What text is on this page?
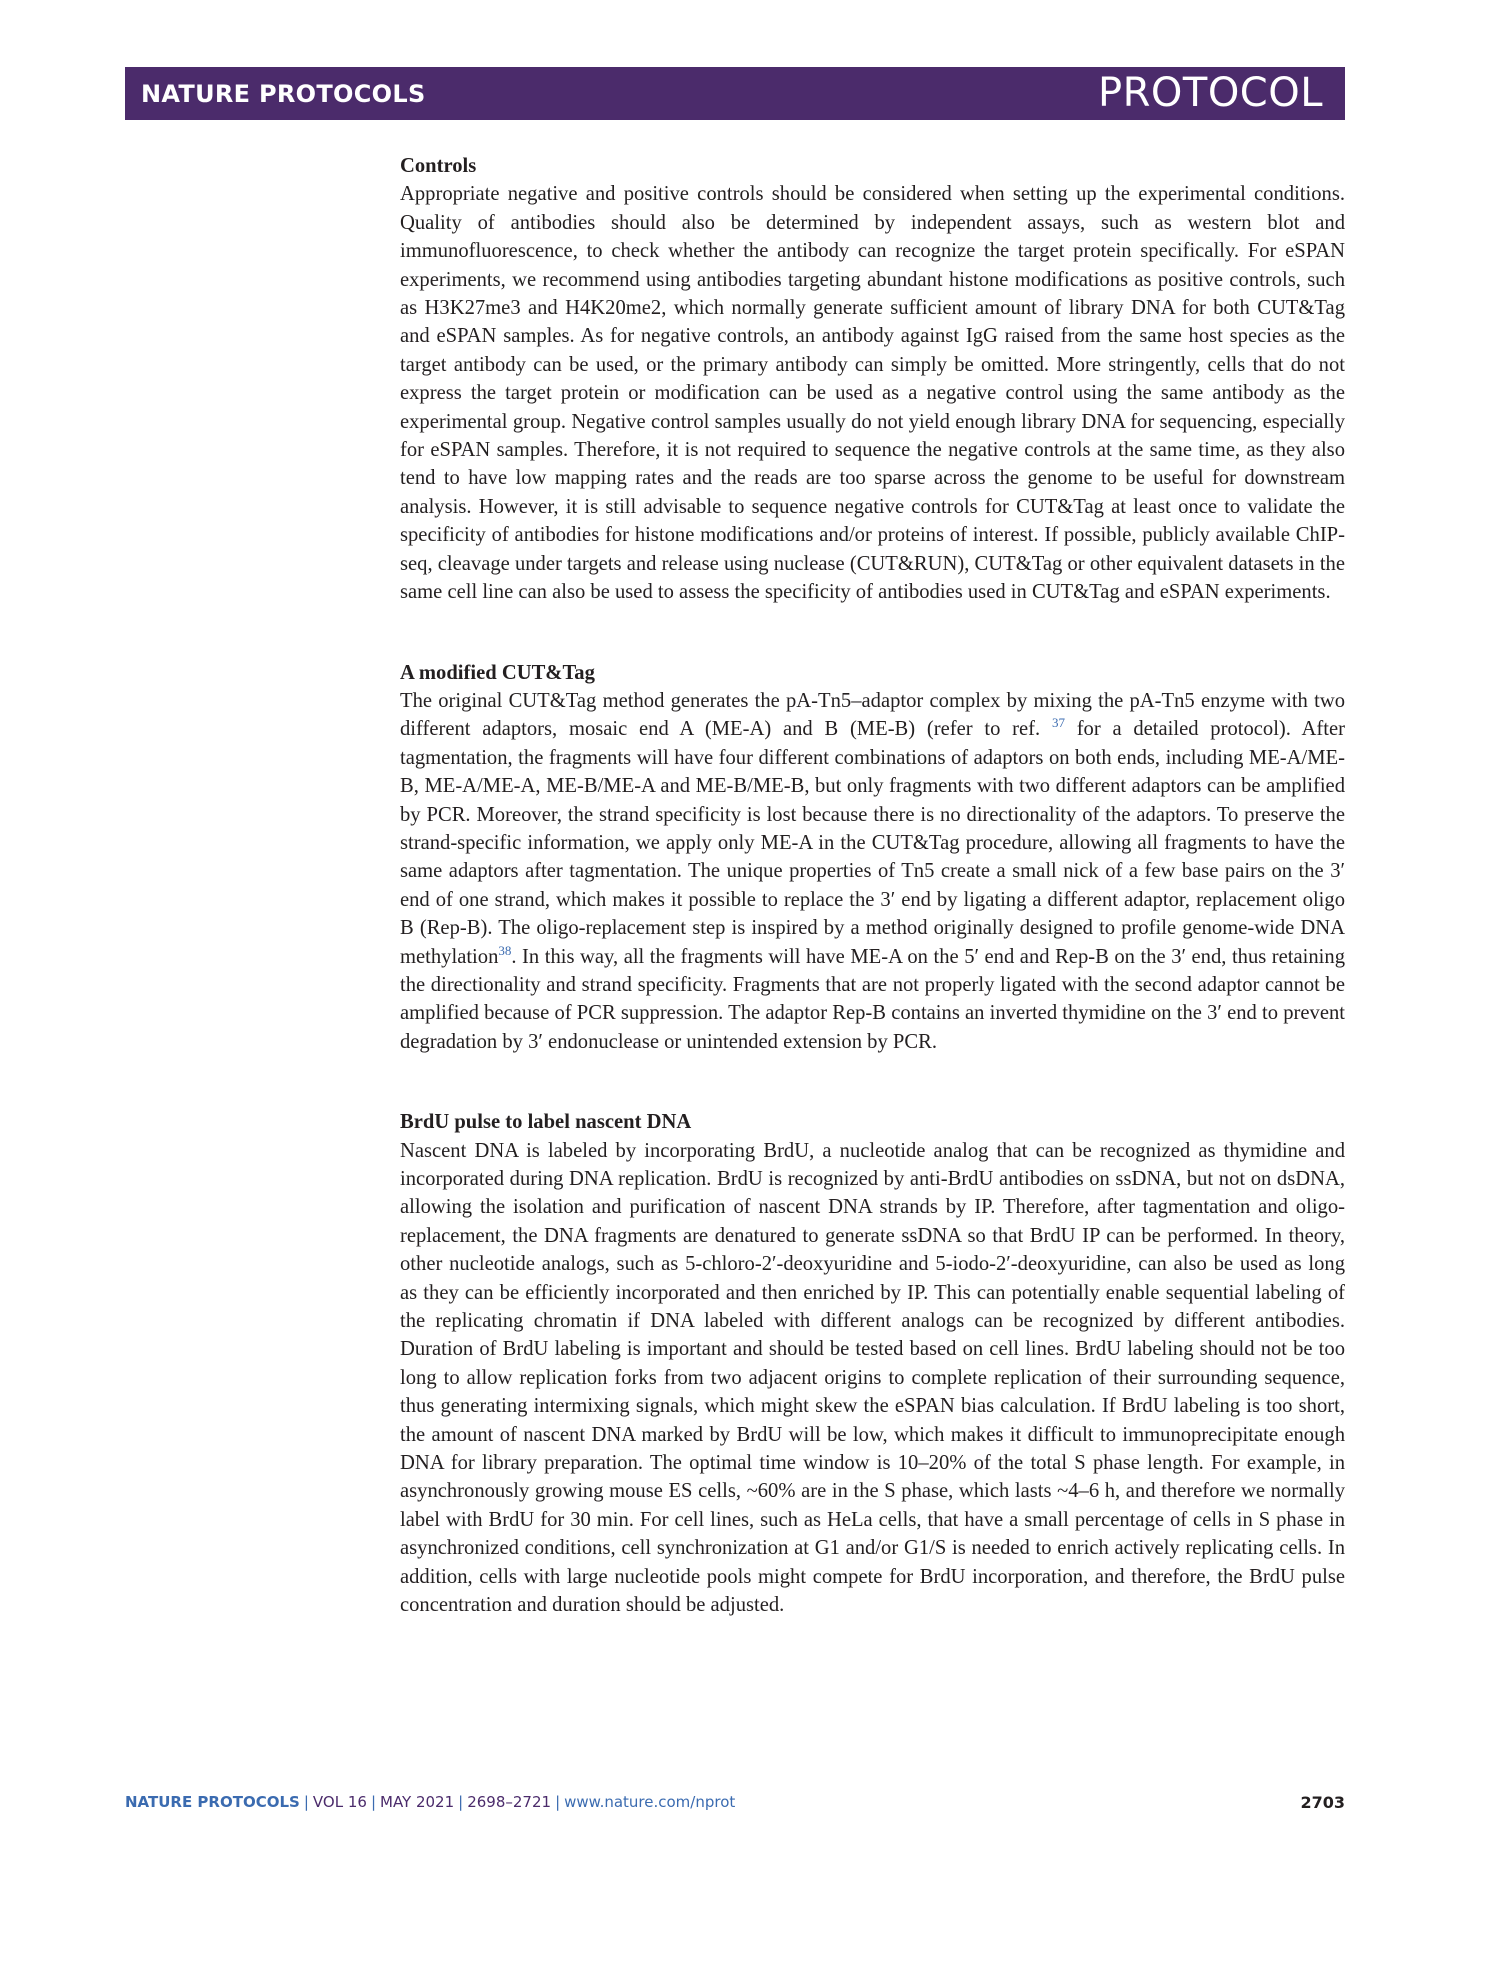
NATURE PROTOCOLS	PROTOCOL

Controls

Appropriate negative and positive controls should be considered when setting up the experimental conditions. Quality of antibodies should also be determined by independent assays, such as western blot and immunofluorescence, to check whether the antibody can recognize the target protein specifically. For eSPAN experiments, we recommend using antibodies targeting abundant histone modifications as positive controls, such as H3K27me3 and H4K20me2, which normally generate sufficient amount of library DNA for both CUT&Tag and eSPAN samples. As for negative controls, an antibody against IgG raised from the same host species as the target antibody can be used, or the primary antibody can simply be omitted. More stringently, cells that do not express the target protein or modification can be used as a negative control using the same antibody as the experimental group. Negative control samples usually do not yield enough library DNA for sequencing, especially for eSPAN samples. Therefore, it is not required to sequence the negative controls at the same time, as they also tend to have low mapping rates and the reads are too sparse across the genome to be useful for downstream analysis. However, it is still advisable to sequence negative controls for CUT&Tag at least once to validate the specificity of antibodies for histone modifications and/or proteins of interest. If possible, publicly available ChIP-seq, cleavage under targets and release using nuclease (CUT&RUN), CUT&Tag or other equivalent datasets in the same cell line can also be used to assess the specificity of antibodies used in CUT&Tag and eSPAN experiments.

A modified CUT&Tag

The original CUT&Tag method generates the pA-Tn5–adaptor complex by mixing the pA-Tn5 enzyme with two different adaptors, mosaic end A (ME-A) and B (ME-B) (refer to ref. $^{37}$ for a detailed protocol). After tagmentation, the fragments will have four different combinations of adaptors on both ends, including ME-A/ME-B, ME-A/ME-A, ME-B/ME-A and ME-B/ME-B, but only fragments with two different adaptors can be amplified by PCR. Moreover, the strand specificity is lost because there is no directionality of the adaptors. To preserve the strand-specific information, we apply only ME-A in the CUT&Tag procedure, allowing all fragments to have the same adaptors after tagmentation. The unique properties of Tn5 create a small nick of a few base pairs on the 3′ end of one strand, which makes it possible to replace the 3′ end by ligating a different adaptor, replacement oligo B (Rep-B). The oligo-replacement step is inspired by a method originally designed to profile genome-wide DNA methylation$^{38}$. In this way, all the fragments will have ME-A on the 5′ end and Rep-B on the 3′ end, thus retaining the directionality and strand specificity. Fragments that are not properly ligated with the second adaptor cannot be amplified because of PCR suppression. The adaptor Rep-B contains an inverted thymidine on the 3′ end to prevent degradation by 3′ endonuclease or unintended extension by PCR.

BrdU pulse to label nascent DNA

Nascent DNA is labeled by incorporating BrdU, a nucleotide analog that can be recognized as thymidine and incorporated during DNA replication. BrdU is recognized by anti-BrdU antibodies on ssDNA, but not on dsDNA, allowing the isolation and purification of nascent DNA strands by IP. Therefore, after tagmentation and oligo-replacement, the DNA fragments are denatured to generate ssDNA so that BrdU IP can be performed. In theory, other nucleotide analogs, such as 5-chloro-2′-deoxyuridine and 5-iodo-2′-deoxyuridine, can also be used as long as they can be efficiently incorporated and then enriched by IP. This can potentially enable sequential labeling of the replicating chromatin if DNA labeled with different analogs can be recognized by different antibodies. Duration of BrdU labeling is important and should be tested based on cell lines. BrdU labeling should not be too long to allow replication forks from two adjacent origins to complete replication of their surrounding sequence, thus generating intermixing signals, which might skew the eSPAN bias calculation. If BrdU labeling is too short, the amount of nascent DNA marked by BrdU will be low, which makes it difficult to immunoprecipitate enough DNA for library preparation. The optimal time window is 10–20% of the total S phase length. For example, in asynchronously growing mouse ES cells, ~60% are in the S phase, which lasts ~4–6 h, and therefore we normally label with BrdU for 30 min. For cell lines, such as HeLa cells, that have a small percentage of cells in S phase in asynchronized conditions, cell synchronization at G1 and/or G1/S is needed to enrich actively replicating cells. In addition, cells with large nucleotide pools might compete for BrdU incorporation, and therefore, the BrdU pulse concentration and duration should be adjusted.

NATURE PROTOCOLS | VOL 16 | MAY 2021 | 2698–2721 | www.nature.com/nprot	2703
